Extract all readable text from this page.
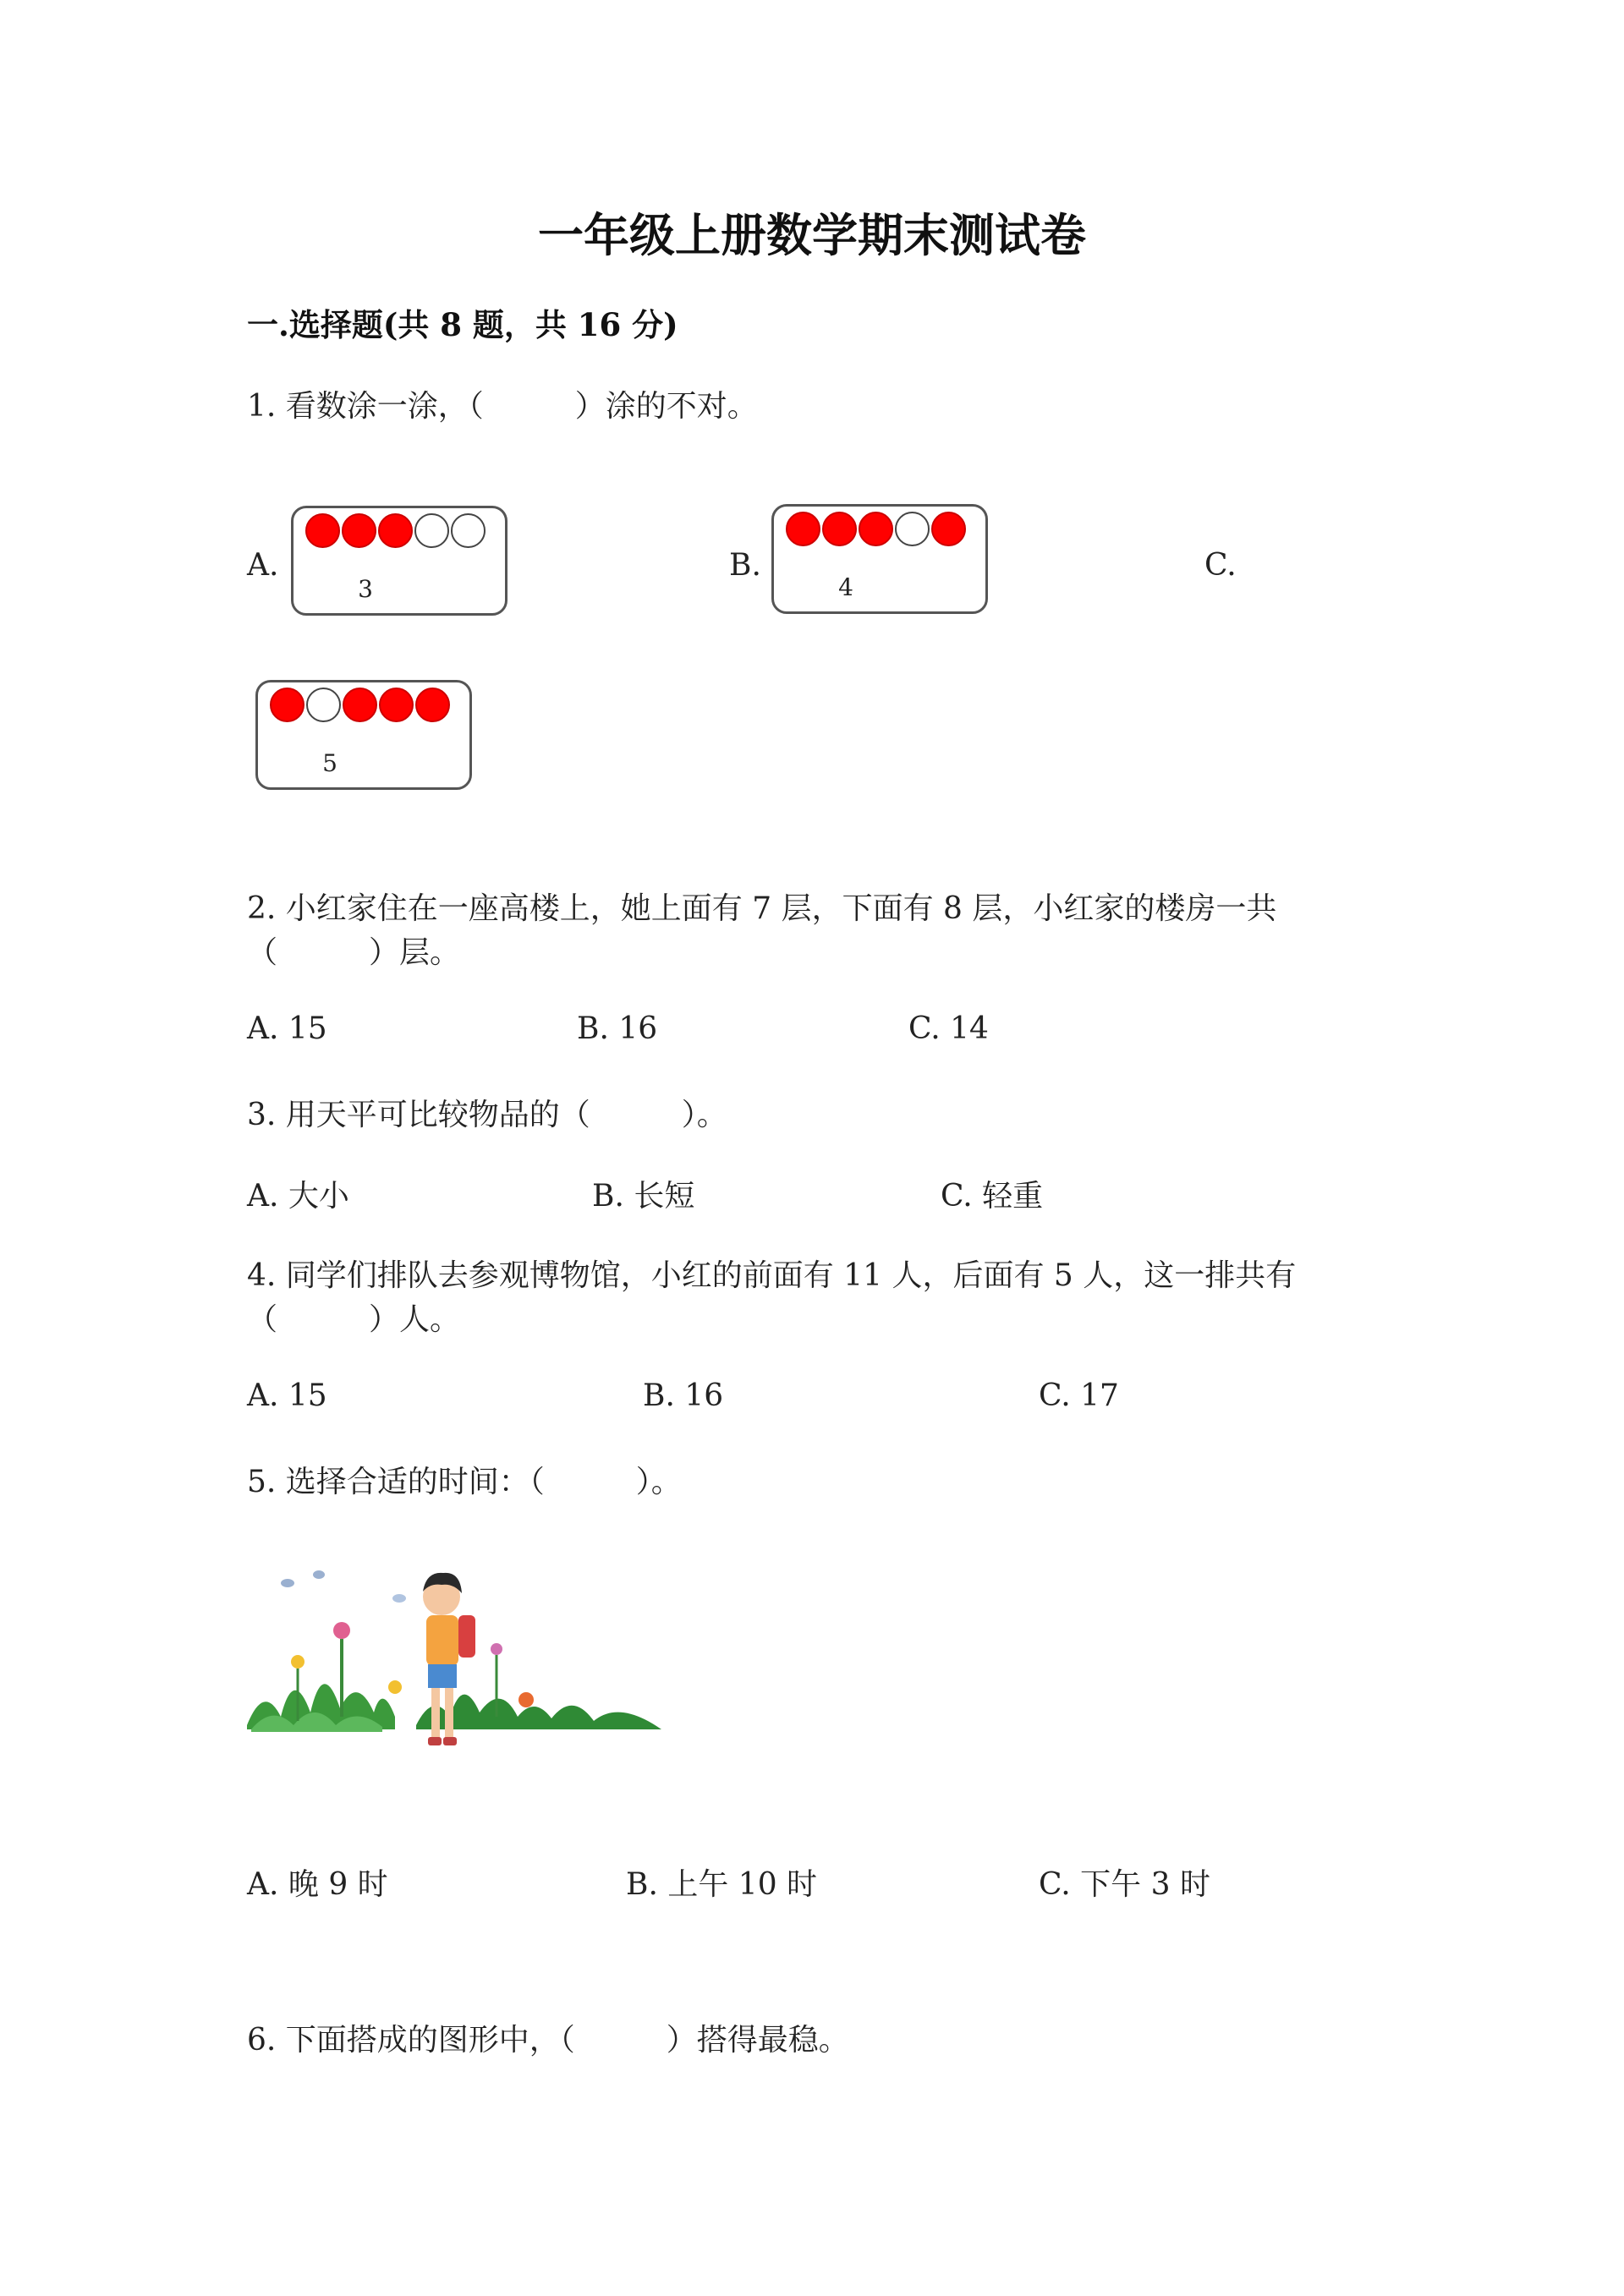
一年级上册数学期末测试卷
一.选择题(共 8 题，共 16 分)
1. 看数涂一涂，（　　　）涂的不对。
A.
3
B.
4
C.
5
2. 小红家住在一座高楼上，她上面有 7 层，下面有 8 层，小红家的楼房一共
（　　　）层。
A. 15	B. 16	C. 14
3. 用天平可比较物品的（　　　）。
A. 大小	B. 长短	C. 轻重
4. 同学们排队去参观博物馆，小红的前面有 11 人，后面有 5 人，这一排共有
（　　　）人。
A. 15	B. 16	C. 17
5. 选择合适的时间：（　　　）。
A. 晚 9 时	B. 上午 10 时	C. 下午 3 时
6. 下面搭成的图形中，（　　　）搭得最稳。
